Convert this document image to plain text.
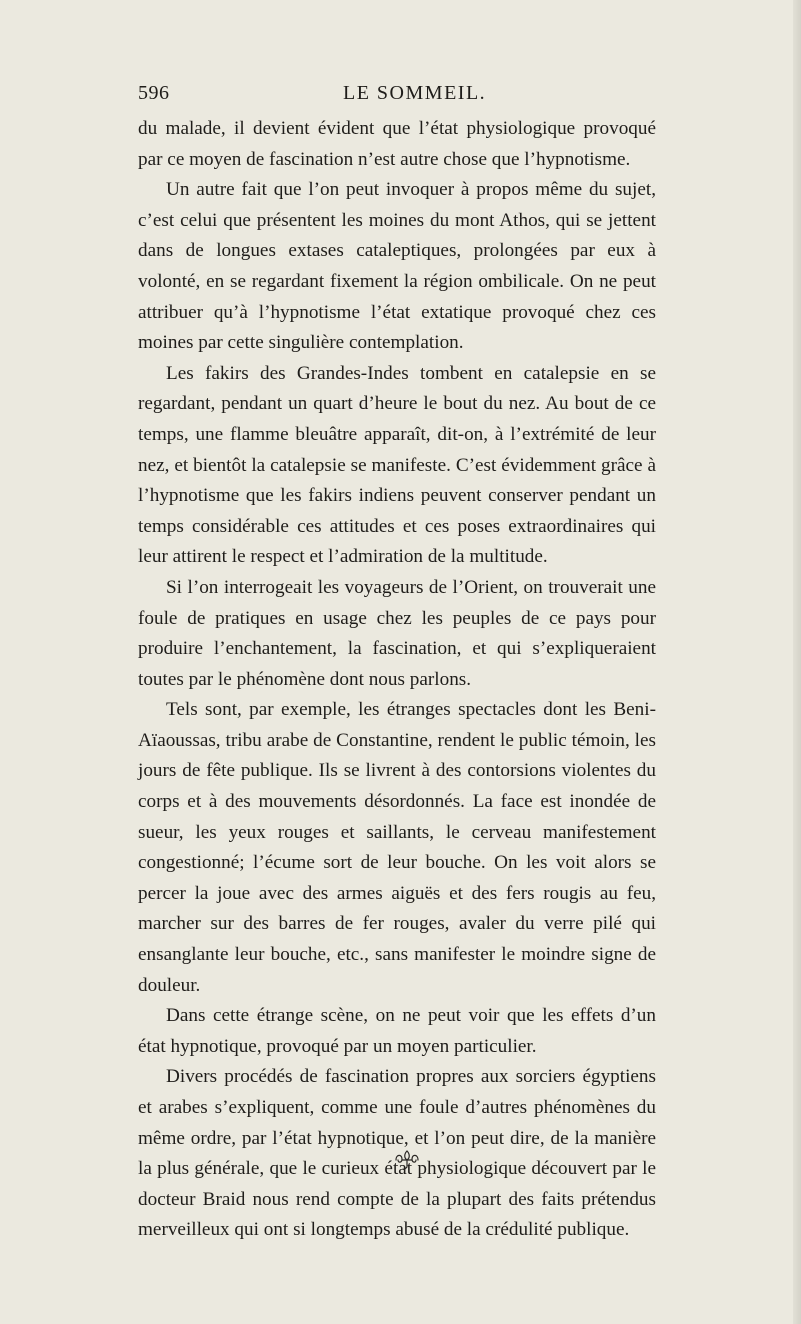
596	LE SOMMEIL.

du malade, il devient évident que l’état physiologique provoqué par ce moyen de fascination n’est autre chose que l’hypnotisme.

Un autre fait que l’on peut invoquer à propos même du sujet, c’est celui que présentent les moines du mont Athos, qui se jettent dans de longues extases cataleptiques, prolongées par eux à volonté, en se regardant fixement la région ombilicale. On ne peut attribuer qu’à l’hypnotisme l’état extatique provoqué chez ces moines par cette singulière contemplation.

Les fakirs des Grandes-Indes tombent en catalepsie en se regardant, pendant un quart d’heure le bout du nez. Au bout de ce temps, une flamme bleuâtre apparaît, dit-on, à l’extrémité de leur nez, et bientôt la catalepsie se manifeste. C’est évidemment grâce à l’hypnotisme que les fakirs indiens peuvent conserver pendant un temps considérable ces attitudes et ces poses extraordinaires qui leur attirent le respect et l’admiration de la multitude.

Si l’on interrogeait les voyageurs de l’Orient, on trouverait une foule de pratiques en usage chez les peuples de ce pays pour produire l’enchantement, la fascination, et qui s’expliqueraient toutes par le phénomène dont nous parlons.

Tels sont, par exemple, les étranges spectacles dont les Beni-Aïaoussas, tribu arabe de Constantine, rendent le public témoin, les jours de fête publique. Ils se livrent à des contorsions violentes du corps et à des mouvements désordonnés. La face est inondée de sueur, les yeux rouges et saillants, le cerveau manifestement congestionné; l’écume sort de leur bouche. On les voit alors se percer la joue avec des armes aiguës et des fers rougis au feu, marcher sur des barres de fer rouges, avaler du verre pilé qui ensanglante leur bouche, etc., sans manifester le moindre signe de douleur.

Dans cette étrange scène, on ne peut voir que les effets d’un état hypnotique, provoqué par un moyen particulier.

Divers procédés de fascination propres aux sorciers égyptiens et arabes s’expliquent, comme une foule d’autres phénomènes du même ordre, par l’état hypnotique, et l’on peut dire, de la manière la plus générale, que le curieux état physiologique découvert par le docteur Braid nous rend compte de la plupart des faits prétendus merveilleux qui ont si longtemps abusé de la crédulité publique.
